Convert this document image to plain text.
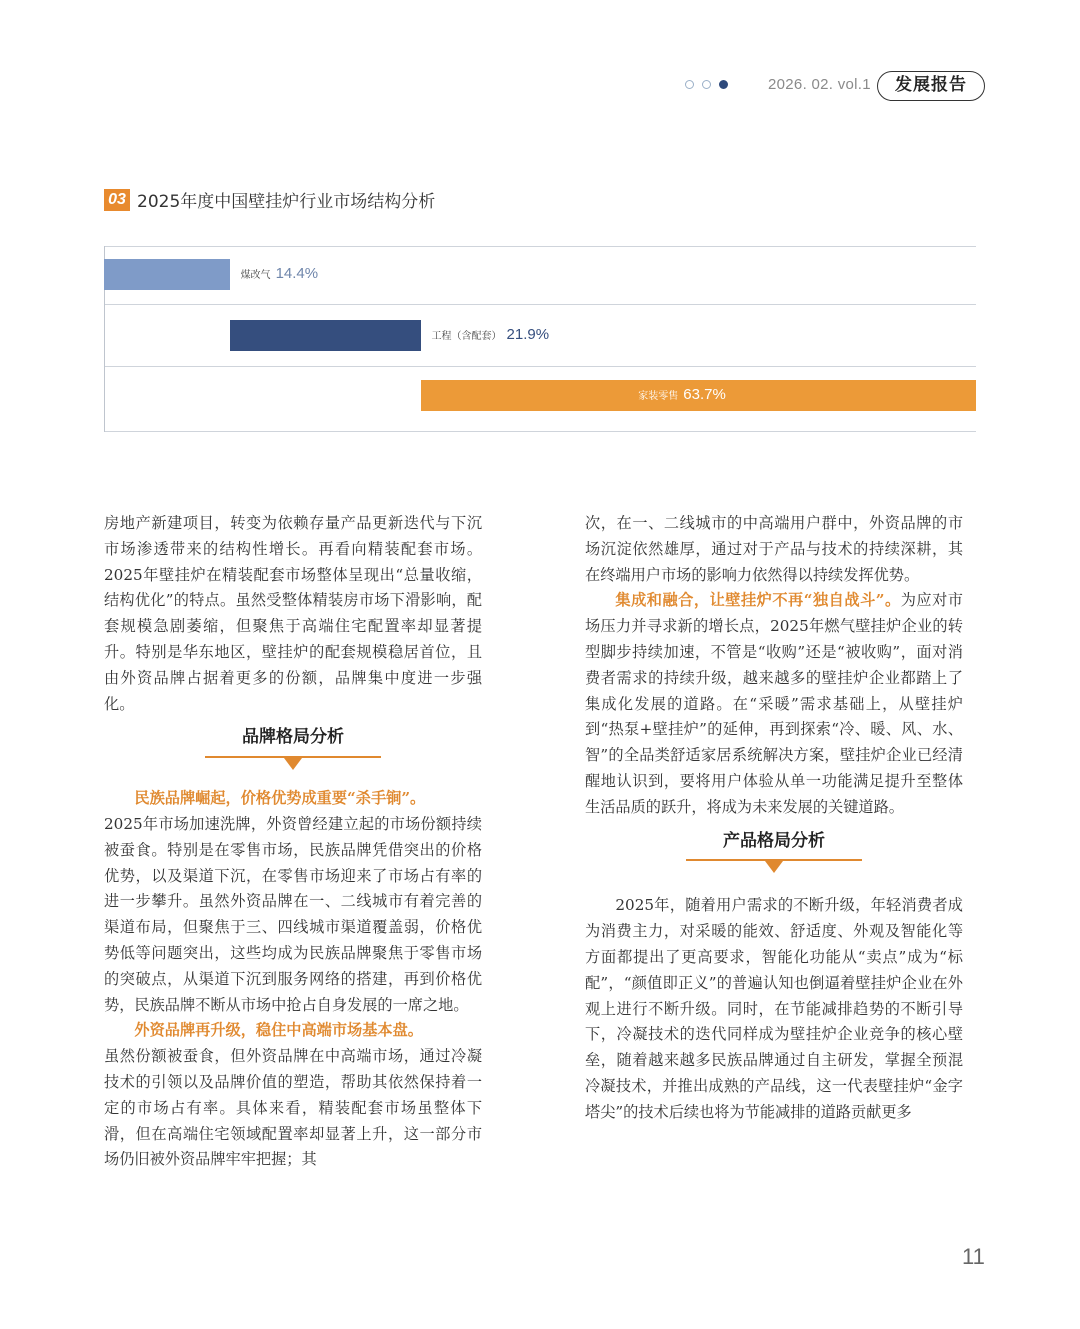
2026. 02. vol.1	发展报告
03 2025年度中国壁挂炉行业市场结构分析
煤改气 14.4%
工程（含配套） 21.9%
家装零售 63.7%

房地产新建项目，转变为依赖存量产品更新迭代与下沉市场渗透带来的结构性增长。再看向精装配套市场。2025年壁挂炉在精装配套市场整体呈现出“总量收缩，结构优化”的特点。虽然受整体精装房市场下滑影响，配套规模急剧萎缩，但聚焦于高端住宅配置率却显著提升。特别是华东地区，壁挂炉的配套规模稳居首位，且由外资品牌占据着更多的份额，品牌集中度进一步强化。

品牌格局分析

民族品牌崛起，价格优势成重要“杀手锏”。

2025年市场加速洗牌，外资曾经建立起的市场份额持续被蚕食。特别是在零售市场，民族品牌凭借突出的价格优势，以及渠道下沉，在零售市场迎来了市场占有率的进一步攀升。虽然外资品牌在一、二线城市有着完善的渠道布局，但聚焦于三、四线城市渠道覆盖弱，价格优势低等问题突出，这些均成为民族品牌聚焦于零售市场的突破点，从渠道下沉到服务网络的搭建，再到价格优势，民族品牌不断从市场中抢占自身发展的一席之地。

外资品牌再升级，稳住中高端市场基本盘。

虽然份额被蚕食，但外资品牌在中高端市场，通过冷凝技术的引领以及品牌价值的塑造，帮助其依然保持着一定的市场占有率。具体来看，精装配套市场虽整体下滑，但在高端住宅领域配置率却显著上升，这一部分市场仍旧被外资品牌牢牢把握；其

次，在一、二线城市的中高端用户群中，外资品牌的市场沉淀依然雄厚，通过对于产品与技术的持续深耕，其在终端用户市场的影响力依然得以持续发挥优势。

集成和融合，让壁挂炉不再“独自战斗”。为应对市场压力并寻求新的增长点，2025年燃气壁挂炉企业的转型脚步持续加速，不管是“收购”还是“被收购”，面对消费者需求的持续升级，越来越多的壁挂炉企业都踏上了集成化发展的道路。在“采暖”需求基础上，从壁挂炉到“热泵+壁挂炉”的延伸，再到探索“冷、暖、风、水、智”的全品类舒适家居系统解决方案，壁挂炉企业已经清醒地认识到，要将用户体验从单一功能满足提升至整体生活品质的跃升，将成为未来发展的关键道路。

产品格局分析

2025年，随着用户需求的不断升级，年轻消费者成为消费主力，对采暖的能效、舒适度、外观及智能化等方面都提出了更高要求，智能化功能从“卖点”成为“标配”，“颜值即正义”的普遍认知也倒逼着壁挂炉企业在外观上进行不断升级。同时，在节能减排趋势的不断引导下，冷凝技术的迭代同样成为壁挂炉企业竞争的核心壁垒，随着越来越多民族品牌通过自主研发，掌握全预混冷凝技术，并推出成熟的产品线，这一代表壁挂炉“金字塔尖”的技术后续也将为节能减排的道路贡献更多

11
